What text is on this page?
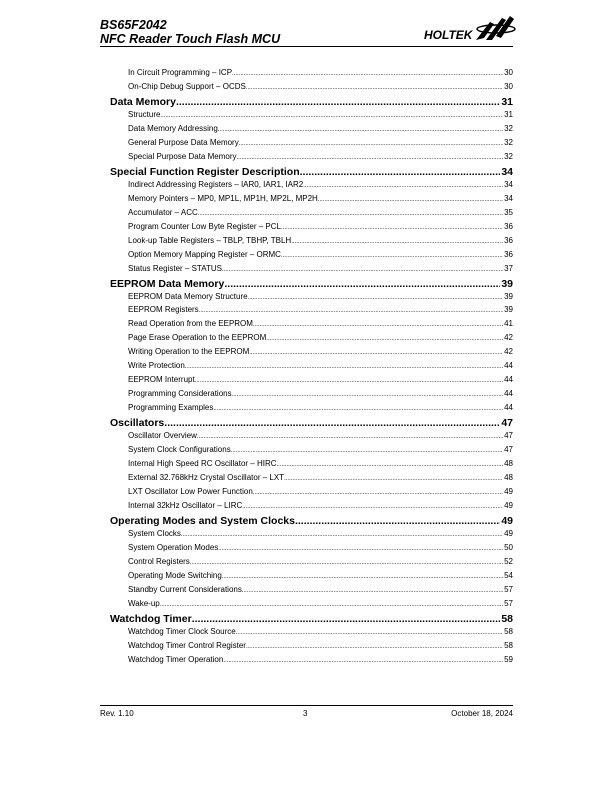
BS65F2042
NFC Reader Touch Flash MCU	HOLTEK
In Circuit Programming – ICP .....	30
On-Chip Debug Support – OCDS .....	30
Data Memory .....	31
Structure .....	31
Data Memory Addressing .....	32
General Purpose Data Memory .....	32
Special Purpose Data Memory .....	32
Special Function Register Description .....	34
Indirect Addressing Registers – IAR0, IAR1, IAR2 .....	34
Memory Pointers – MP0, MP1L, MP1H, MP2L, MP2H .....	34
Accumulator – ACC .....	35
Program Counter Low Byte Register – PCL .....	36
Look-up Table Registers – TBLP, TBHP, TBLH .....	36
Option Memory Mapping Register – ORMC .....	36
Status Register – STATUS .....	37
EEPROM Data Memory .....	39
EEPROM Data Memory Structure .....	39
EEPROM Registers .....	39
Read Operation from the EEPROM .....	41
Page Erase Operation to the EEPROM .....	42
Writing Operation to the EEPROM .....	42
Write Protection .....	44
EEPROM Interrupt .....	44
Programming Considerations .....	44
Programming Examples .....	44
Oscillators .....	47
Oscillator Overview .....	47
System Clock Configurations .....	47
Internal High Speed RC Oscillator – HIRC .....	48
External 32.768kHz Crystal Oscillator – LXT .....	48
LXT Oscillator Low Power Function .....	49
Internal 32kHz Oscillator – LIRC .....	49
Operating Modes and System Clocks .....	49
System Clocks .....	49
System Operation Modes .....	50
Control Registers .....	52
Operating Mode Switching .....	54
Standby Current Considerations .....	57
Wake-up .....	57
Watchdog Timer .....	58
Watchdog Timer Clock Source .....	58
Watchdog Timer Control Register .....	58
Watchdog Timer Operation .....	59
Rev. 1.10	3	October 18, 2024
